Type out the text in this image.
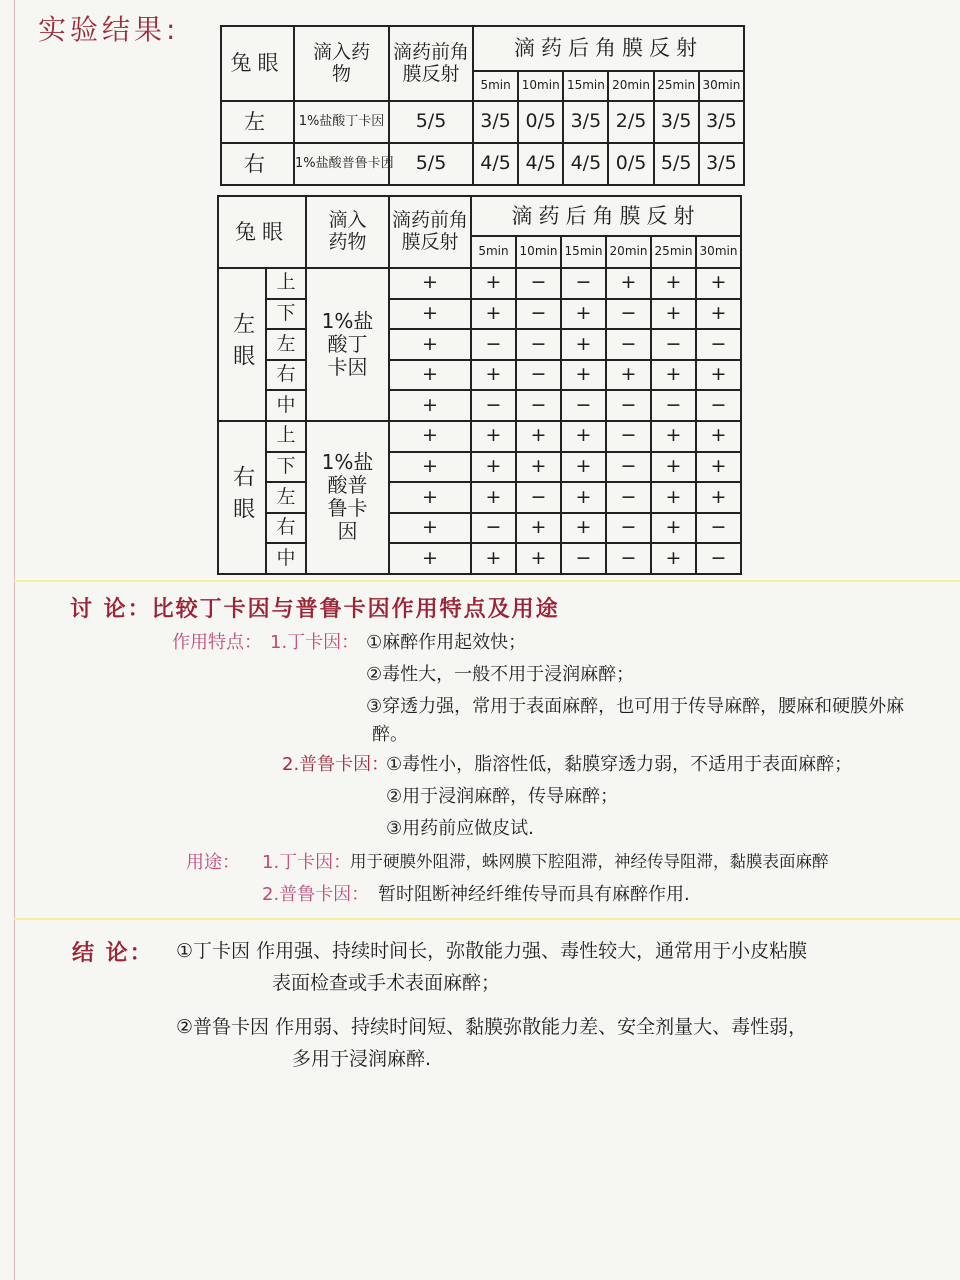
实验结果:
兔眼	滴入药物	滴药前角膜反射	滴药后角膜反射					
			5min	10min	15min	20min	25min	30min
左	1%盐酸丁卡因	5/5	3/5	0/5	3/5	2/5	3/5	3/5
右	1%盐酸普鲁卡因	5/5	4/5	4/5	4/5	0/5	5/5	3/5
兔眼		滴入药物	滴药前角膜反射	滴药后角膜反射					
				5min	10min	15min	20min	25min	30min
左眼	上	1%盐酸丁卡因	+	+	−	−	+	+	+
	下		+	+	−	+	−	+	+
	左		+	−	−	+	−	−	−
	右		+	+	−	+	+	+	+
	中		+	−	−	−	−	−	−
右眼	上	1%盐酸普鲁卡因	+	+	+	+	−	+	+
	下		+	+	+	+	−	+	+
	左		+	+	−	+	−	+	+
	右		+	−	+	+	−	+	−
	中		+	+	+	−	−	+	−
讨 论：比较丁卡因与普鲁卡因作用特点及用途
作用特点： 1.丁卡因： ①麻醉作用起效快；
②毒性大，一般不用于浸润麻醉；
③穿透力强，常用于表面麻醉，也可用于传导麻醉，腰麻和硬膜外麻
醉。
2.普鲁卡因：
①毒性小，脂溶性低，黏膜穿透力弱，不适用于表面麻醉；
②用于浸润麻醉，传导麻醉；
③用药前应做皮试.
用途： 1.丁卡因：
用于硬膜外阻滞，蛛网膜下腔阻滞，神经传导阻滞，黏膜表面麻醉
2.普鲁卡因： 暂时阻断神经纤维传导而具有麻醉作用.
结 论： ①丁卡因 作用强、持续时间长，弥散能力强、毒性较大，通常用于小皮粘膜
表面检查或手术表面麻醉；
②普鲁卡因 作用弱、持续时间短、黏膜弥散能力差、安全剂量大、毒性弱，
多用于浸润麻醉.
